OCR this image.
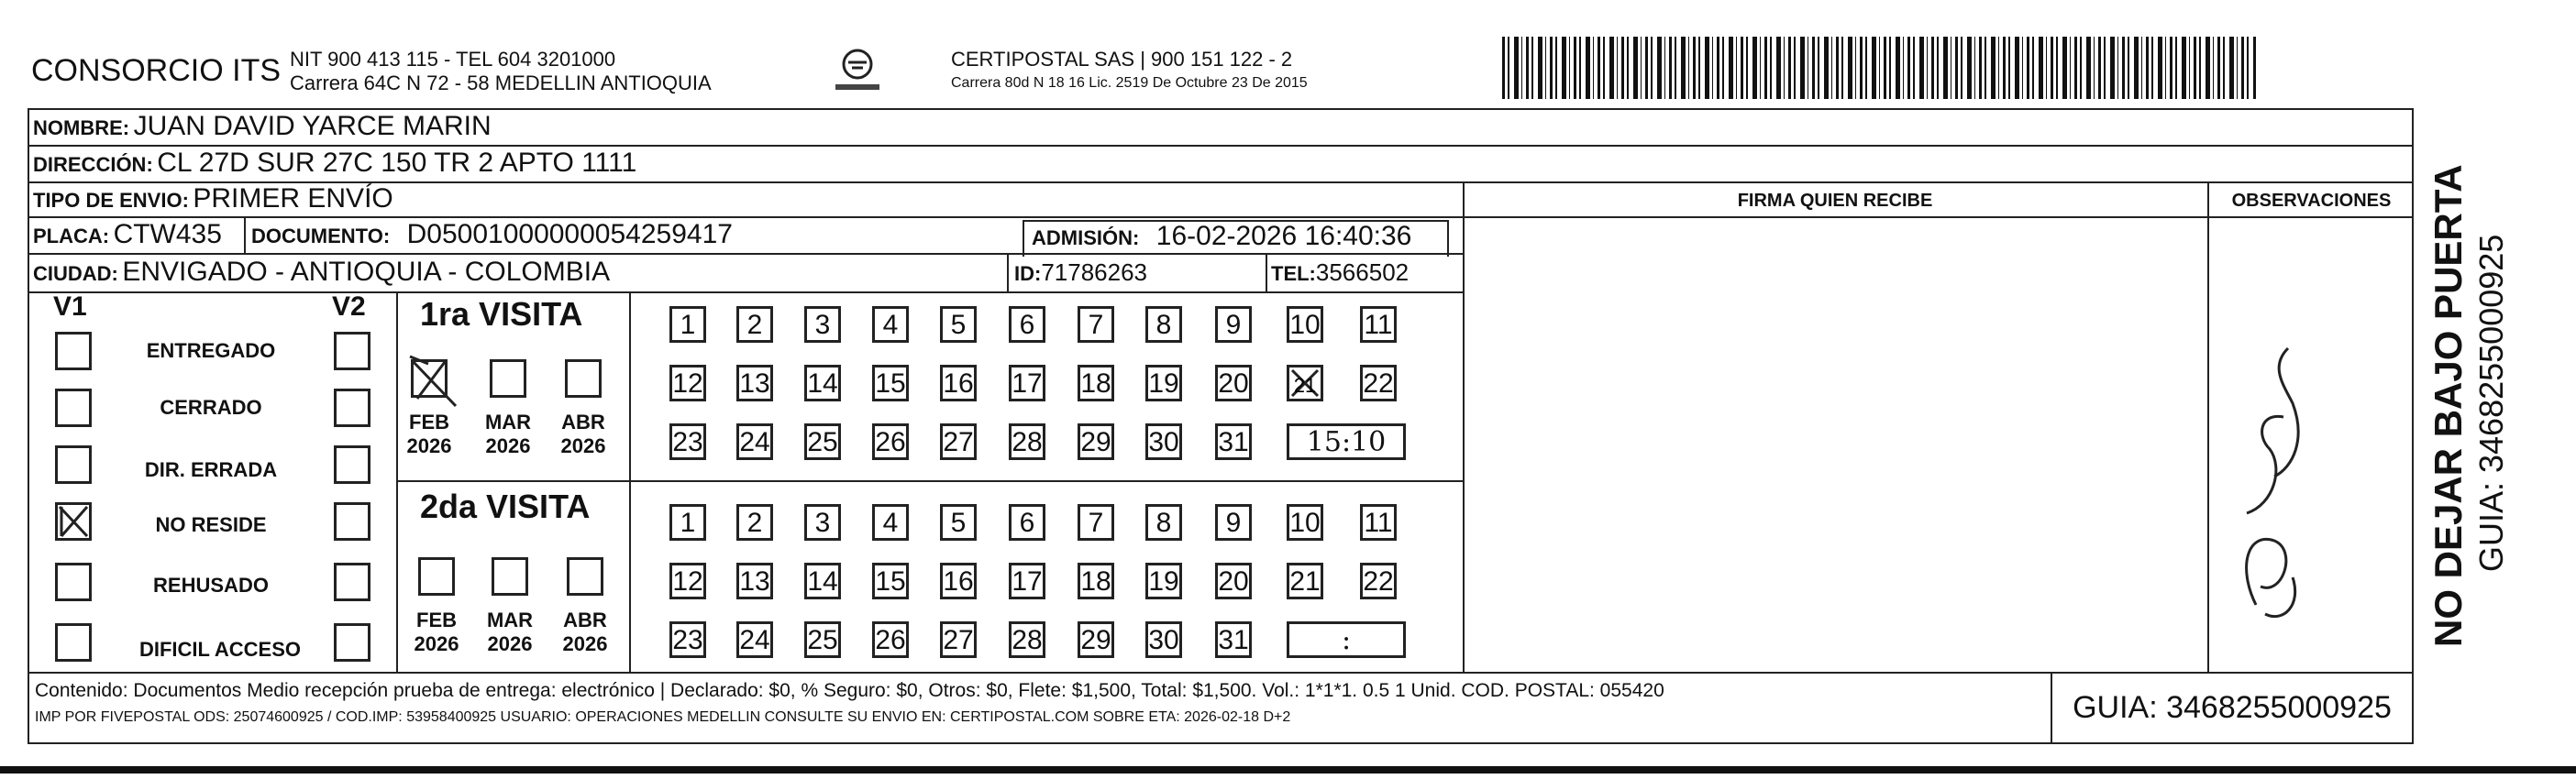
CONSORCIO ITS NIT 900 413 115 - TEL 604 3201000
Carrera 64C N 72 - 58 MEDELLIN ANTIOQUIA
CERTIPOSTAL SAS | 900 151 122 - 2
Carrera 80d N 18 16 Lic. 2519 De Octubre 23 De 2015
NOMBRE: JUAN DAVID YARCE MARIN
DIRECCIÓN: CL 27D SUR 27C 150 TR 2 APTO 1111
TIPO DE ENVIO: PRIMER ENVÍO	FIRMA QUIEN RECIBE	OBSERVACIONES
PLACA: CTW435 DOCUMENTO: D05001000000054259417	ADMISIÓN: 16-02-2026 16:40:36
CIUDAD: ENVIGADO - ANTIOQUIA - COLOMBIA	ID:71786263	TEL:3566502
V1	V2
ENTREGADO
CERRADO
DIR. ERRADA
NO RESIDE
REHUSADO
DIFICIL ACCESO
1ra VISITA
FEB
2026
MAR
2026
ABR
2026
2da VISITA
FEB
2026
MAR
2026
ABR
2026
1	2	3	4	5	6	7	8	9	10 11
12 13 14 15 16 17 18 19 20 21 22
23 24 25 26 27 28 29 30 31	15:10
1	2	3	4	5	6	7	8	9	10 11
12 13 14 15 16 17 18 19 20 21 22
23 24 25 26 27 28 29 30 31	:
Contenido: Documentos Medio recepción prueba de entrega: electrónico | Declarado: $0, % Seguro: $0, Otros: $0, Flete: $1,500, Total: $1,500. Vol.: 1*1*1. 0.5 1 Unid. COD. POSTAL: 055420
IMP POR FIVEPOSTAL ODS: 25074600925 / COD.IMP: 53958400925 USUARIO: OPERACIONES MEDELLIN CONSULTE SU ENVIO EN: CERTIPOSTAL.COM SOBRE ETA: 2026-02-18 D+2	GUIA: 3468255000925
NO DEJAR BAJO PUERTA GUIA: 3468255000925
